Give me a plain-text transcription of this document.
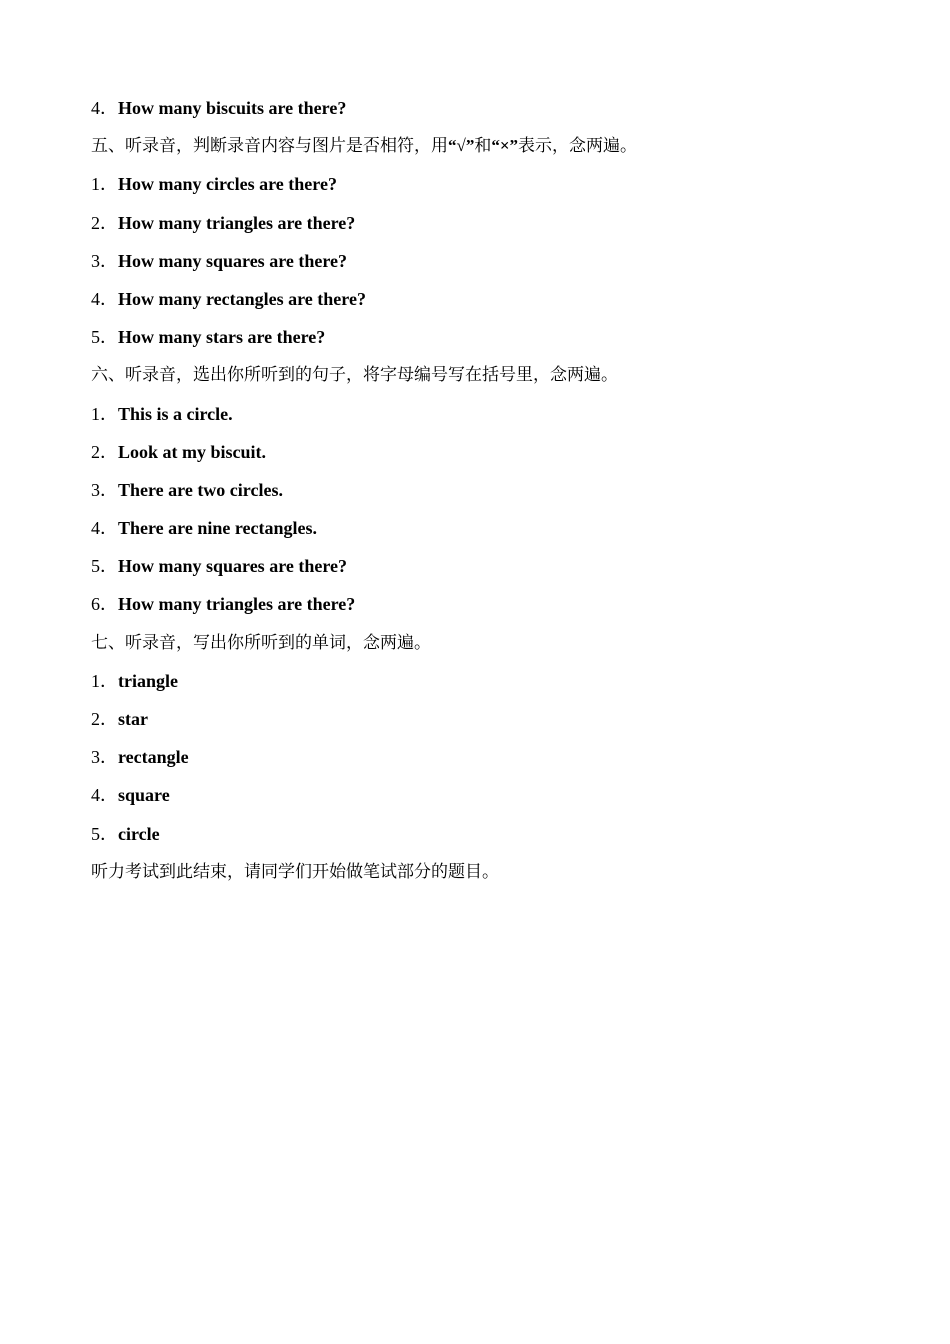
4．How many biscuits are there?
五、听录音，判断录音内容与图片是否相符，用“√”和“×”表示，念两遍。
1．How many circles are there?
2．How many triangles are there?
3．How many squares are there?
4．How many rectangles are there?
5．How many stars are there?
六、听录音，选出你所听到的句子，将字母编号写在括号里，念两遍。
1．This is a circle.
2．Look at my biscuit.
3．There are two circles.
4．There are nine rectangles.
5．How many squares are there?
6．How many triangles are there?
七、听录音，写出你所听到的单词，念两遍。
1．triangle
2．star
3．rectangle
4．square
5．circle
听力考试到此结束，请同学们开始做笔试部分的题目。
